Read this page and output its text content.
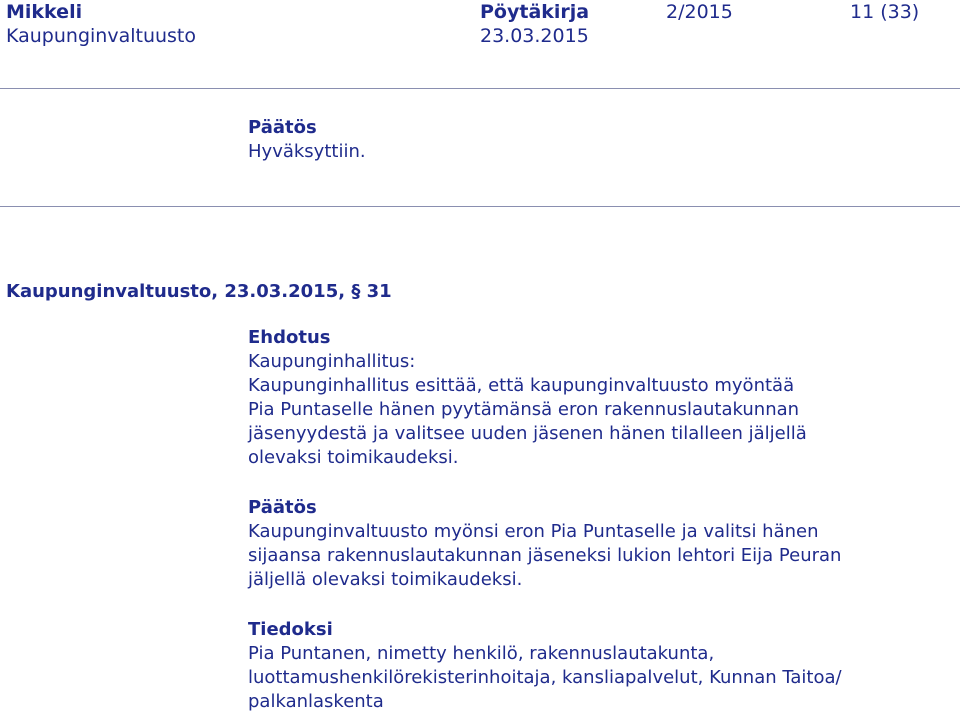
Mikkeli
Kaupunginvaltuusto
Pöytäkirja
23.03.2015
2/2015	11 (33)
Päätös
Hyväksyttiin.
Kaupunginvaltuusto, 23.03.2015, § 31
Ehdotus
Kaupunginhallitus:
Kaupunginhallitus esittää, että kaupunginvaltuusto myöntää
Pia Puntaselle hänen pyytämänsä eron rakennuslautakunnan
jäsenyydestä ja valitsee uuden jäsenen hänen tilalleen jäljellä
olevaksi toimikaudeksi.
Päätös
Kaupunginvaltuusto myönsi eron Pia Puntaselle ja valitsi hänen
sijaansa rakennuslautakunnan jäseneksi lukion lehtori Eija Peuran
jäljellä olevaksi toimikaudeksi.
Tiedoksi
Pia Puntanen, nimetty henkilö, rakennuslautakunta,
luottamushenkilörekisterinhoitaja, kansliapalvelut, Kunnan Taitoa/
palkanlaskenta
